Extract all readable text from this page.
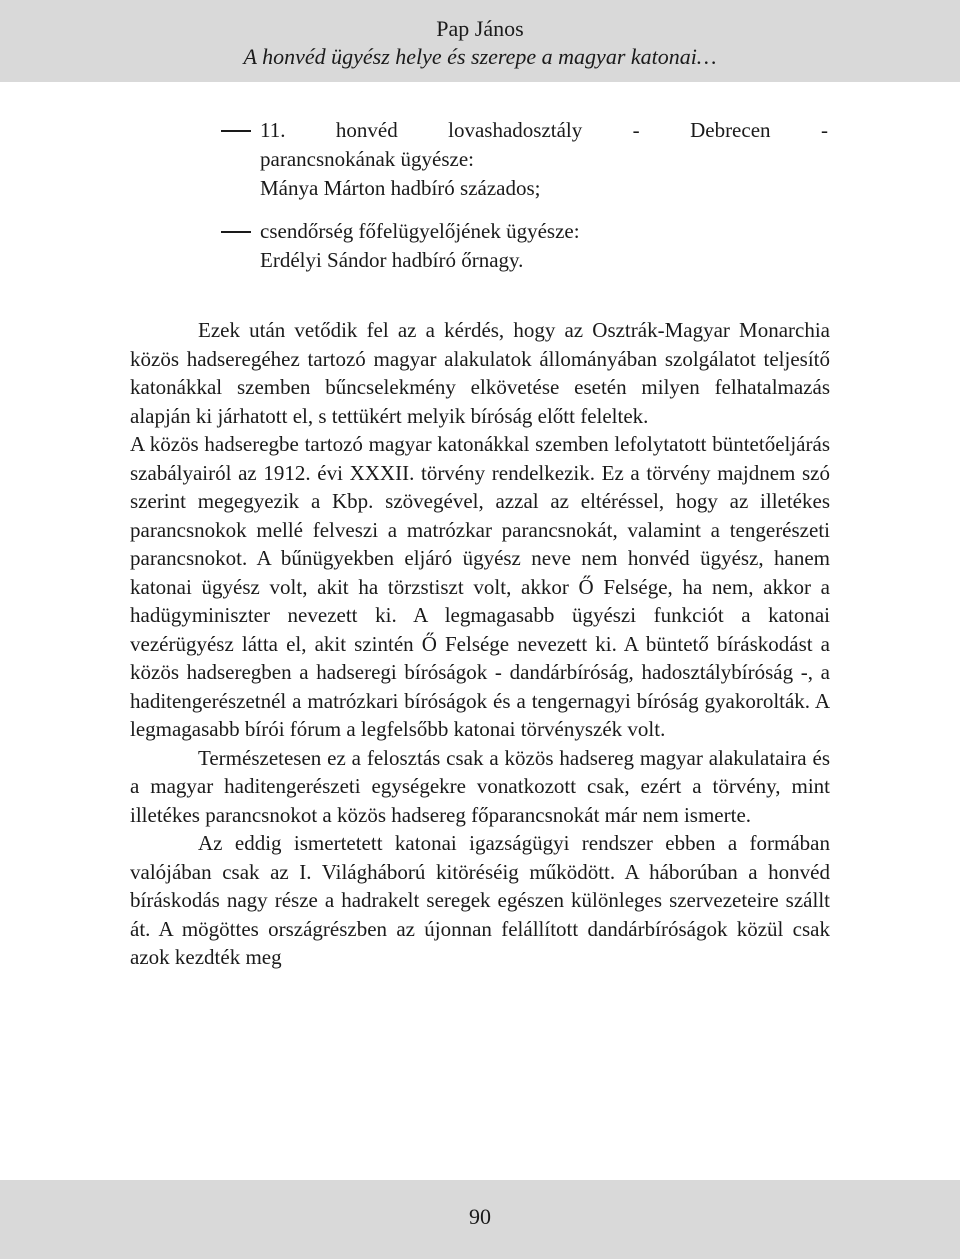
Pap János
A honvéd ügyész helye és szerepe a magyar katonai…
11. honvéd lovashadosztály - Debrecen -
parancsnokának ügyésze:
Mánya Márton hadbíró százados;
csendőrség főfelügyelőjének ügyésze:
Erdélyi Sándor hadbíró őrnagy.

Ezek után vetődik fel az a kérdés, hogy az Osztrák-Magyar Monarchia közös hadseregéhez tartozó magyar alakulatok állományában szolgálatot teljesítő katonákkal szemben bűncselekmény elkövetése esetén milyen felhatalmazás alapján ki járhatott el, s tettükért melyik bíróság előtt feleltek.

A közös hadseregbe tartozó magyar katonákkal szemben lefolytatott büntetőeljárás szabályairól az 1912. évi XXXII. törvény rendelkezik. Ez a törvény majdnem szó szerint megegyezik a Kbp. szövegével, azzal az eltéréssel, hogy az illetékes parancsnokok mellé felveszi a matrózkar parancsnokát, valamint a tengerészeti parancsnokot. A bűnügyekben eljáró ügyész neve nem honvéd ügyész, hanem katonai ügyész volt, akit ha törzstiszt volt, akkor Ő Felsége, ha nem, akkor a hadügyminiszter nevezett ki. A legmagasabb ügyészi funkciót a katonai vezérügyész látta el, akit szintén Ő Felsége nevezett ki. A büntető bíráskodást a közös hadseregben a hadseregi bíróságok - dandárbíróság, hadosztálybíróság -, a haditengerészetnél a matrózkari bíróságok és a tengernagyi bíróság gyakorolták. A legmagasabb bírói fórum a legfelsőbb katonai törvényszék volt.

Természetesen ez a felosztás csak a közös hadsereg magyar alakulataira és a magyar haditengerészeti egységekre vonatkozott csak, ezért a törvény, mint illetékes parancsnokot a közös hadsereg főparancsnokát már nem ismerte.

Az eddig ismertetett katonai igazságügyi rendszer ebben a formában valójában csak az I. Világháború kitöréséig működött. A háborúban a honvéd bíráskodás nagy része a hadrakelt seregek egészen különleges szervezeteire szállt át. A mögöttes országrészben az újonnan felállított dandárbíróságok közül csak azok kezdték meg

90
